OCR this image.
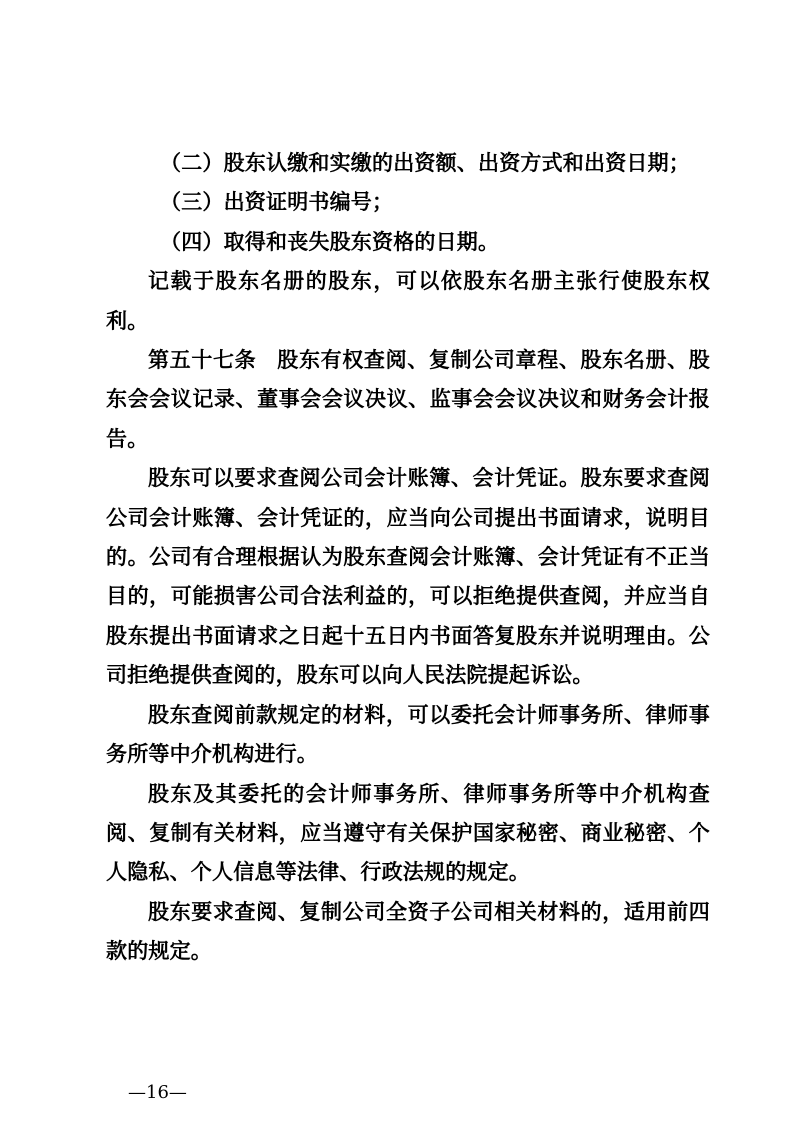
（二）股东认缴和实缴的出资额、出资方式和出资日期；

（三）出资证明书编号；

（四）取得和丧失股东资格的日期。

记载于股东名册的股东，可以依股东名册主张行使股东权利。

第五十七条 股东有权查阅、复制公司章程、股东名册、股东会会议记录、董事会会议决议、监事会会议决议和财务会计报告。

股东可以要求查阅公司会计账簿、会计凭证。股东要求查阅公司会计账簿、会计凭证的，应当向公司提出书面请求，说明目的。公司有合理根据认为股东查阅会计账簿、会计凭证有不正当目的，可能损害公司合法利益的，可以拒绝提供查阅，并应当自股东提出书面请求之日起十五日内书面答复股东并说明理由。公司拒绝提供查阅的，股东可以向人民法院提起诉讼。

股东查阅前款规定的材料，可以委托会计师事务所、律师事务所等中介机构进行。

股东及其委托的会计师事务所、律师事务所等中介机构查阅、复制有关材料，应当遵守有关保护国家秘密、商业秘密、个人隐私、个人信息等法律、行政法规的规定。

股东要求查阅、复制公司全资子公司相关材料的，适用前四款的规定。

—16—
